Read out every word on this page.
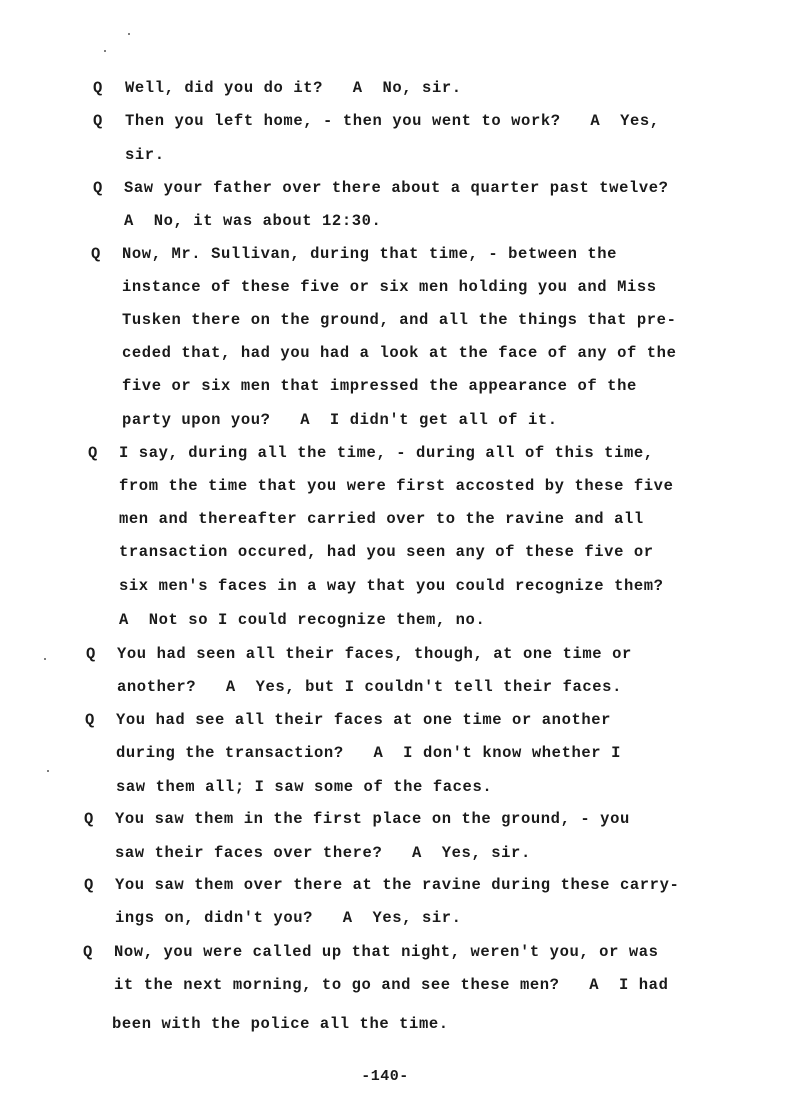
Q Well, did you do it?   A  No, sir.
Q Then you left home, - then you went to work?   A  Yes,
sir.
Q Saw your father over there about a quarter past twelve?
A  No, it was about 12:30.
Q Now, Mr. Sullivan, during that time, - between the
instance of these five or six men holding you and Miss
Tusken there on the ground, and all the things that pre-
ceded that, had you had a look at the face of any of the
five or six men that impressed the appearance of the
party upon you?   A  I didn't get all of it.
Q I say, during all the time, - during all of this time,
from the time that you were first accosted by these five
men and thereafter carried over to the ravine and all
transaction occured, had you seen any of these five or
six men's faces in a way that you could recognize them?
A  Not so I could recognize them, no.
Q You had seen all their faces, though, at one time or
another?   A  Yes, but I couldn't tell their faces.
Q You had see all their faces at one time or another
during the transaction?   A  I don't know whether I
saw them all; I saw some of the faces.
Q You saw them in the first place on the ground, - you
saw their faces over there?   A  Yes, sir.
Q You saw them over there at the ravine during these carry-
ings on, didn't you?   A  Yes, sir.
Q Now, you were called up that night, weren't you, or was
it the next morning, to go and see these men?   A  I had
been with the police all the time.
-140-
